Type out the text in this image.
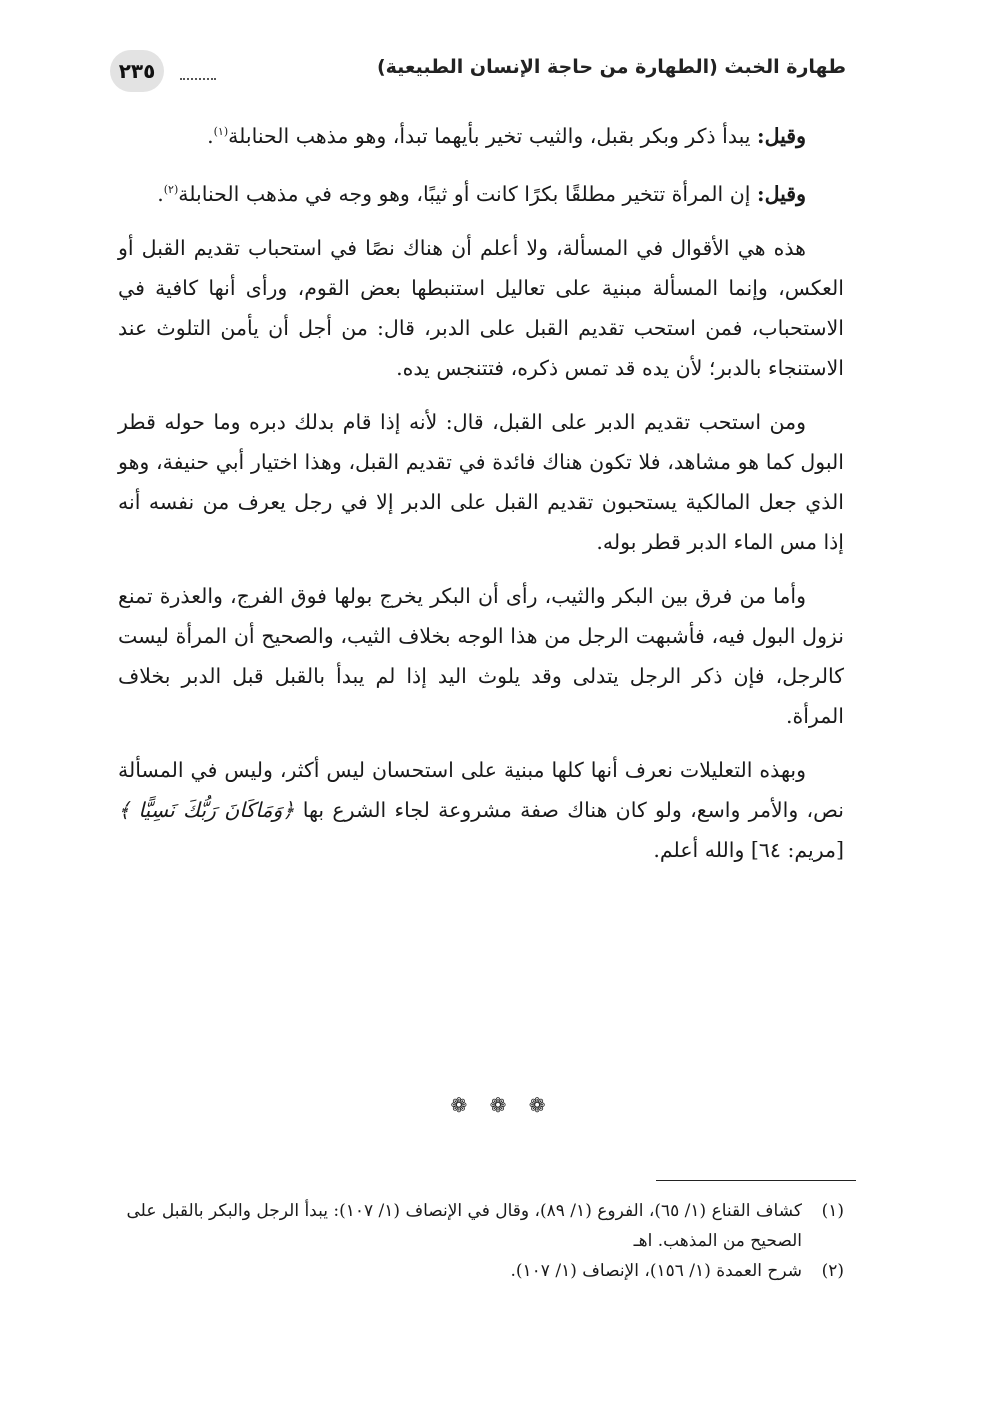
طهارة الخبث (الطهارة من حاجة الإنسان الطبيعية)
٢٣٥

وقيل: يبدأ ذكر وبكر بقبل، والثيب تخير بأيهما تبدأ، وهو مذهب الحنابلة$^{(١)}$.

وقيل: إن المرأة تتخير مطلقًا بكرًا كانت أو ثيبًا، وهو وجه في مذهب الحنابلة$^{(٢)}$.

هذه هي الأقوال في المسألة، ولا أعلم أن هناك نصًا في استحباب تقديم القبل أو العكس، وإنما المسألة مبنية على تعاليل استنبطها بعض القوم، ورأى أنها كافية في الاستحباب، فمن استحب تقديم القبل على الدبر، قال: من أجل أن يأمن التلوث عند الاستنجاء بالدبر؛ لأن يده قد تمس ذكره، فتتنجس يده.

ومن استحب تقديم الدبر على القبل، قال: لأنه إذا قام بدلك دبره وما حوله قطر البول كما هو مشاهد، فلا تكون هناك فائدة في تقديم القبل، وهذا اختيار أبي حنيفة، وهو الذي جعل المالكية يستحبون تقديم القبل على الدبر إلا في رجل يعرف من نفسه أنه إذا مس الماء الدبر قطر بوله.

وأما من فرق بين البكر والثيب، رأى أن البكر يخرج بولها فوق الفرج، والعذرة تمنع نزول البول فيه، فأشبهت الرجل من هذا الوجه بخلاف الثيب، والصحيح أن المرأة ليست كالرجل، فإن ذكر الرجل يتدلى وقد يلوث اليد إذا لم يبدأ بالقبل قبل الدبر بخلاف المرأة.

وبهذه التعليلات نعرف أنها كلها مبنية على استحسان ليس أكثر، وليس في المسألة نص، والأمر واسع، ولو كان هناك صفة مشروعة لجاء الشرع بها ﴿وَمَاكَانَ رَبُّكَ نَسِيًّا ﴾ [مريم: ٦٤] والله أعلم.

❁ ❁ ❁

(١)كشاف القناع (١/ ٦٥)، الفروع (١/ ٨٩)، وقال في الإنصاف (١/ ١٠٧): يبدأ الرجل والبكر بالقبل على الصحيح من المذهب. اهـ

(٢)شرح العمدة (١/ ١٥٦)، الإنصاف (١/ ١٠٧).
